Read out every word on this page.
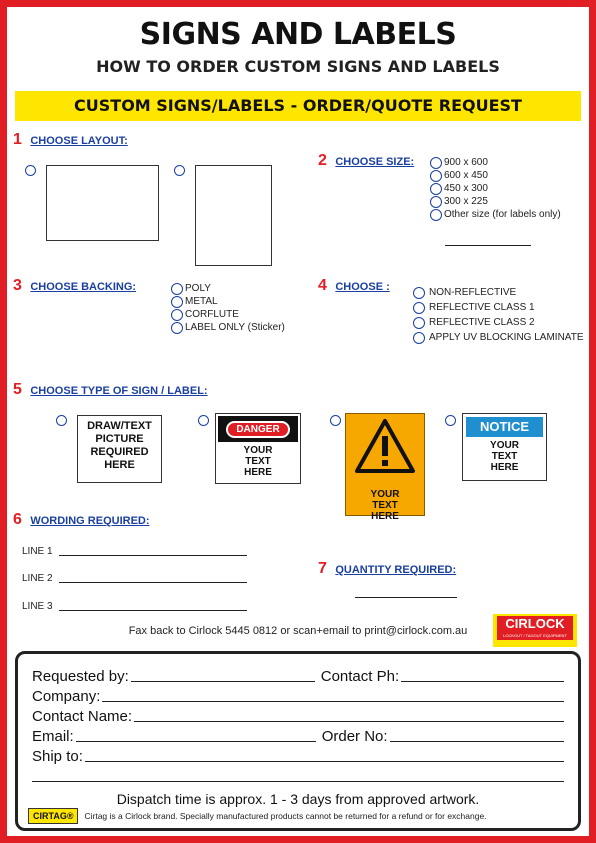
SIGNS AND LABELS
HOW TO ORDER CUSTOM SIGNS AND LABELS
CUSTOM SIGNS/LABELS - ORDER/QUOTE REQUEST
1 CHOOSE LAYOUT:
2 CHOOSE SIZE:	900 x 600
600 x 450
450 x 300
300 x 225
Other size (for labels only)
3 CHOOSE BACKING:	POLY
METAL
CORFLUTE
LABEL ONLY (Sticker)
4 CHOOSE :	NON-REFLECTIVE
REFLECTIVE CLASS 1
REFLECTIVE CLASS 2
APPLY UV BLOCKING LAMINATE
5 CHOOSE TYPE OF SIGN / LABEL:
DRAW/TEXT PICTURE REQUIRED HERE
DANGER
YOUR TEXT HERE
YOUR TEXT HERE
NOTICE
YOUR TEXT HERE
6 WORDING REQUIRED:
LINE 1
LINE 2
LINE 3
7 QUANTITY REQUIRED:
CIRLOCK
LOCKOUT / TAGOUT EQUIPMENT
Fax back to Cirlock 5445 0812 or scan+email to print@cirlock.com.au
Requested by:	Contact Ph:
Company:
Contact Name:
Email:	Order No:
Ship to:
Dispatch time is approx. 1 - 3 days from approved artwork.
CIRTAG®	Cirtag is a Cirlock brand. Specially manufactured products cannot be returned for a refund or for exchange.
